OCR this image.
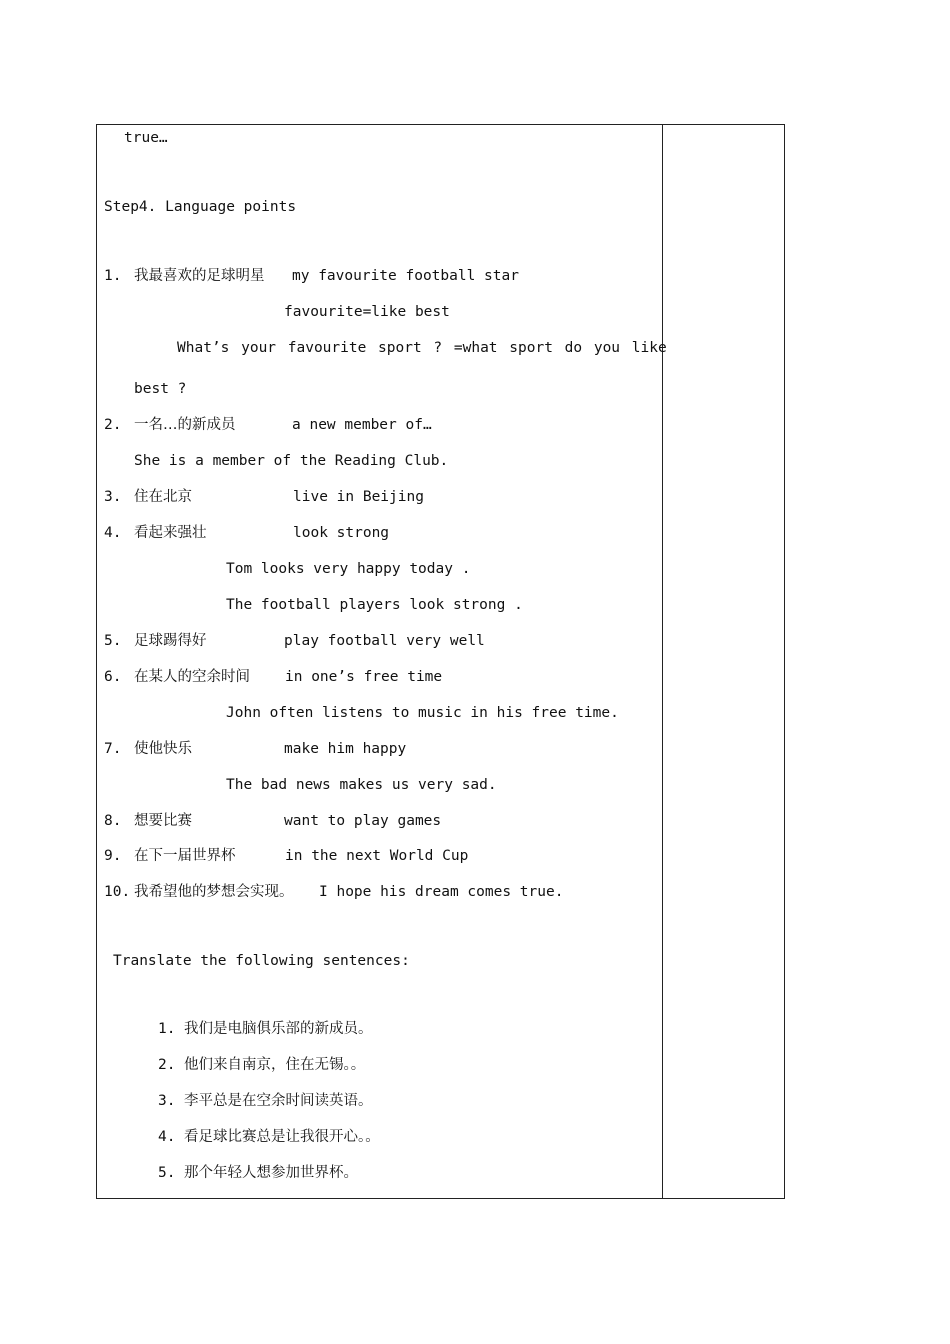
true…
Step4. Language points
1. 我最喜欢的足球明星 my favourite football star
favourite=like best
What’s your favourite sport ? =what sport do you like
best ?
2. 一名…的新成员	a new member of…
She is a member of the Reading Club.
3. 住在北京	live in Beijing
4. 看起来强壮	look strong
Tom looks very happy today .
The football players look strong .
5. 足球踢得好	play football very well
6. 在某人的空余时间 in one’s free time
John often listens to music in his free time.
7. 使他快乐	make him happy
The bad news makes us very sad.
8. 想要比赛	want to play games
9. 在下一届世界杯	in the next World Cup
10. 我希望他的梦想会实现。 I hope his dream comes true.
Translate the following sentences:
1. 我们是电脑俱乐部的新成员。
2. 他们来自南京，住在无锡。。
3. 李平总是在空余时间读英语。
4. 看足球比赛总是让我很开心。。
5. 那个年轻人想参加世界杯。
